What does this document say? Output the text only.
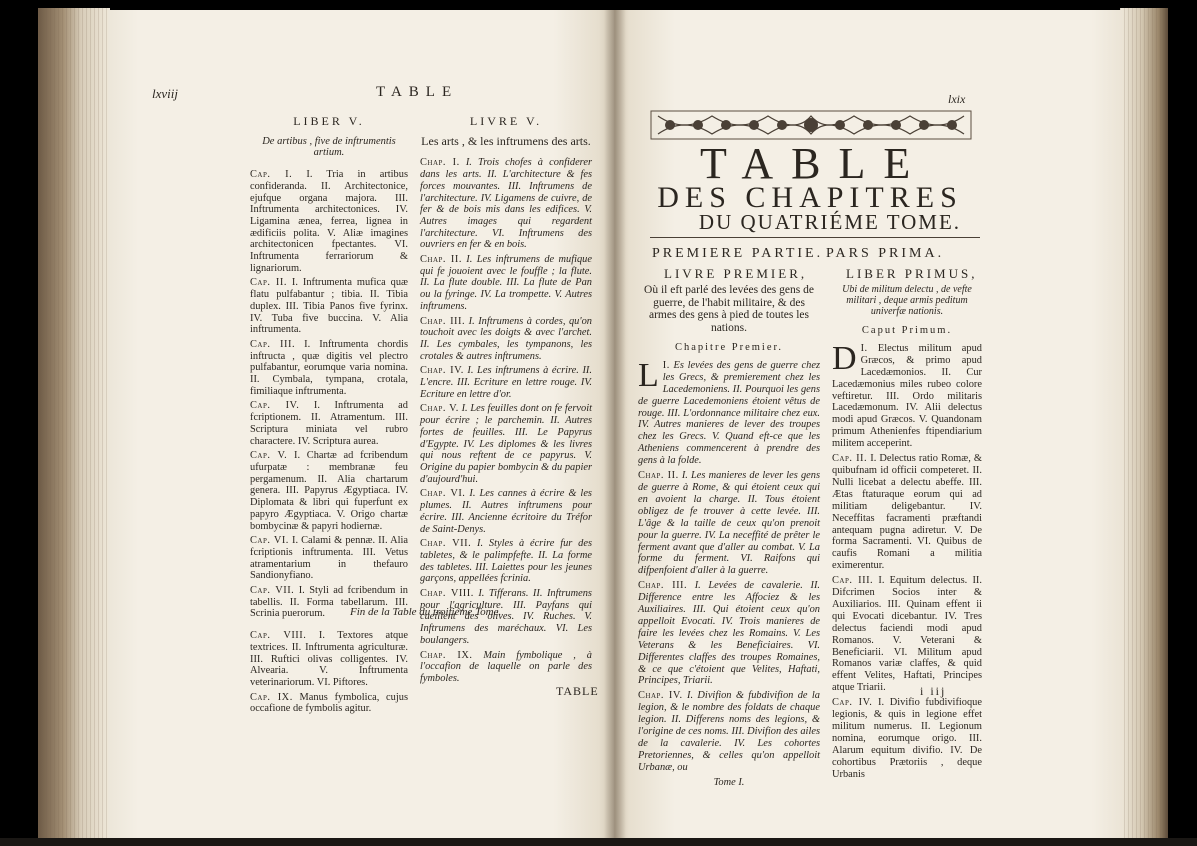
lxviij	TABLE
LIBER V.
De artibus , five de inftrumentis artium.
Cap. I. I. Tria in artibus confideranda. II. Architectonice, ejufque organa majora. III. Inftrumenta architectonices. IV. Ligamina ænea, ferrea, lignea in ædificiis polita. V. Aliæ imagines architectonicen fpectantes. VI. Inftrumenta ferrariorum & lignariorum.
Cap. II. I. Inftrumenta mufica quæ flatu pulfabantur ; tibia. II. Tibia duplex. III. Tibia Panos five fyrinx. IV. Tuba five buccina. V. Alia inftrumenta.
Cap. III. I. Inftrumenta chordis inftructa , quæ digitis vel plectro pulfabantur, eorumque varia nomina. II. Cymbala, tympana, crotala, fimiliaque inftrumenta.
Cap. IV. I. Inftrumenta ad fcriptionem. II. Atramentum. III. Scriptura miniata vel rubro charactere. IV. Scriptura aurea.
Cap. V. I. Chartæ ad fcribendum ufurpatæ : membranæ feu pergamenum. II. Alia chartarum genera. III. Papyrus Ægyptiaca. IV. Diplomata & libri qui fuperfunt ex papyro Ægyptiaca. V. Origo chartæ bombycinæ & papyri hodiernæ.
Cap. VI. I. Calami & pennæ. II. Alia fcriptionis inftrumenta. III. Vetus atramentarium in thefauro Sandionyfiano.
Cap. VII. I. Styli ad fcribendum in tabellis. II. Forma tabellarum. III. Scrinia puerorum.
Cap. VIII. I. Textores atque textrices. II. Inftrumenta agriculturæ. III. Ruftici olivas colligentes. IV. Alvearia. V. Inftrumenta veterinariorum. VI. Piftores.
Cap. IX. Manus fymbolica, cujus occafione de fymbolis agitur.
LIVRE V.
Les arts , & les inftrumens des arts.
Chap. I. I. Trois chofes à confiderer dans les arts. II. L'architecture & fes forces mouvantes. III. Inftrumens de l'architecture. IV. Ligamens de cuivre, de fer & de bois mis dans les edifices. V. Autres images qui regardent l'architecture. VI. Inftrumens des ouvriers en fer & en bois.
Chap. II. I. Les inftrumens de mufique qui fe jouoient avec le fouffle ; la flute. II. La flute double. III. La flute de Pan ou la fyringe. IV. La trompette. V. Autres inftrumens.
Chap. III. I. Inftrumens à cordes, qu'on touchoit avec les doigts & avec l'archet. II. Les cymbales, les tympanons, les crotales & autres inftrumens.
Chap. IV. I. Les inftrumens à écrire. II. L'encre. III. Ecriture en lettre rouge. IV. Ecriture en lettre d'or.
Chap. V. I. Les feuilles dont on fe fervoit pour écrire ; le parchemin. II. Autres fortes de feuilles. III. Le Papyrus d'Egypte. IV. Les diplomes & les livres qui nous reftent de ce papyrus. V. Origine du papier bombycin & du papier d'aujourd'hui.
Chap. VI. I. Les cannes à écrire & les plumes. II. Autres inftrumens pour écrire. III. Ancienne écritoire du Tréfor de Saint-Denys.
Chap. VII. I. Styles à écrire fur des tabletes, & le palimpfefte. II. La forme des tabletes. III. Laiettes pour les jeunes garçons, appellées fcrinia.
Chap. VIII. I. Tifferans. II. Inftrumens pour l'agriculture. III. Payfans qui cueillent des olives. IV. Ruches. V. Inftrumens des maréchaux. VI. Les boulangers.
Chap. IX. Main fymbolique , à l'occafion de laquelle on parle des fymboles.
Fin de la Table du troifiéme Tome.
TABLE
lxix
TABLE
DES CHAPITRES
DU QUATRIÉME TOME.
PREMIERE PARTIE. PARS PRIMA.
LIVRE PREMIER,	LIBER PRIMUS,
Où il eft parlé des levées des gens de guerre, de l'habit militaire, & des armes des gens à pied de toutes les nations.
Chapitre Premier.
I.
L Es levées des gens de guerre chez les Grecs, & premierement chez les Lacedemoniens. II. Pourquoi les gens de guerre Lacedemoniens étoient vêtus de rouge. III. L'ordonnance militaire chez eux. IV. Autres manieres de lever des troupes chez les Grecs. V. Quand eft-ce que les Atheniens commencerent à prendre des gens à la folde.
Chap. II. I. Les manieres de lever les gens de guerre à Rome, & qui étoient ceux qui en avoient la charge. II. Tous étoient obligez de fe trouver à cette levée. III. L'âge & la taille de ceux qu'on prenoit pour la guerre. IV. La neceffité de prêter le ferment avant que d'aller au combat. V. La forme du ferment. VI. Raifons qui difpenfoient d'aller à la guerre.
Chap. III. I. Levées de cavalerie. II. Difference entre les Affociez & les Auxiliaires. III. Qui étoient ceux qu'on appelloit Evocati. IV. Trois manieres de faire les levées chez les Romains. V. Les Veterans & les Beneficiaires. VI. Differentes claffes des troupes Romaines, & ce que c'étoient que Velites, Haftati, Principes, Triarii.
Chap. IV. I. Divifion & fubdivifion de la legion, & le nombre des foldats de chaque legion. II. Differens noms des legions, & l'origine de ces noms. III. Divifion des ailes de la cavalerie. IV. Les cohortes Pretoriennes, & celles qu'on appelloit Urbanæ, ou
Tome I.
Ubi de militum delectu , de vefte militari , deque armis peditum univerfæ nationis.
Caput Primum.
I.
D Electus militum apud Græcos, & primo apud Lacedæmonios. II. Cur Lacedæmonius miles rubeo colore veftiretur. III. Ordo militaris Lacedæmonum. IV. Alii delectus modi apud Græcos. V. Quandonam primum Athenienfes ftipendiarium militem acceperint.
Cap. II. I. Delectus ratio Romæ, & quibufnam id officii competeret. II. Nulli licebat a delectu abeffe. III. Ætas ftaturaque eorum qui ad militiam deligebantur. IV. Neceffitas facramenti præftandi antequam pugna adiretur. V. De forma Sacramenti. VI. Quibus de caufis Romani a militia eximerentur.
Cap. III. I. Equitum delectus. II. Difcrimen Socios inter & Auxiliarios. III. Quinam effent ii qui Evocati dicebantur. IV. Tres delectus faciendi modi apud Romanos. V. Veterani & Beneficiarii. VI. Militum apud Romanos variæ claffes, & quid effent Velites, Haftati, Principes atque Triarii.
Cap. IV. I. Divifio fubdivifioque legionis, & quis in legione effet militum numerus. II. Legionum nomina, eorumque origo. III. Alarum equitum divifio. IV. De cohortibus Prætoriis , deque Urbanis
i iij
